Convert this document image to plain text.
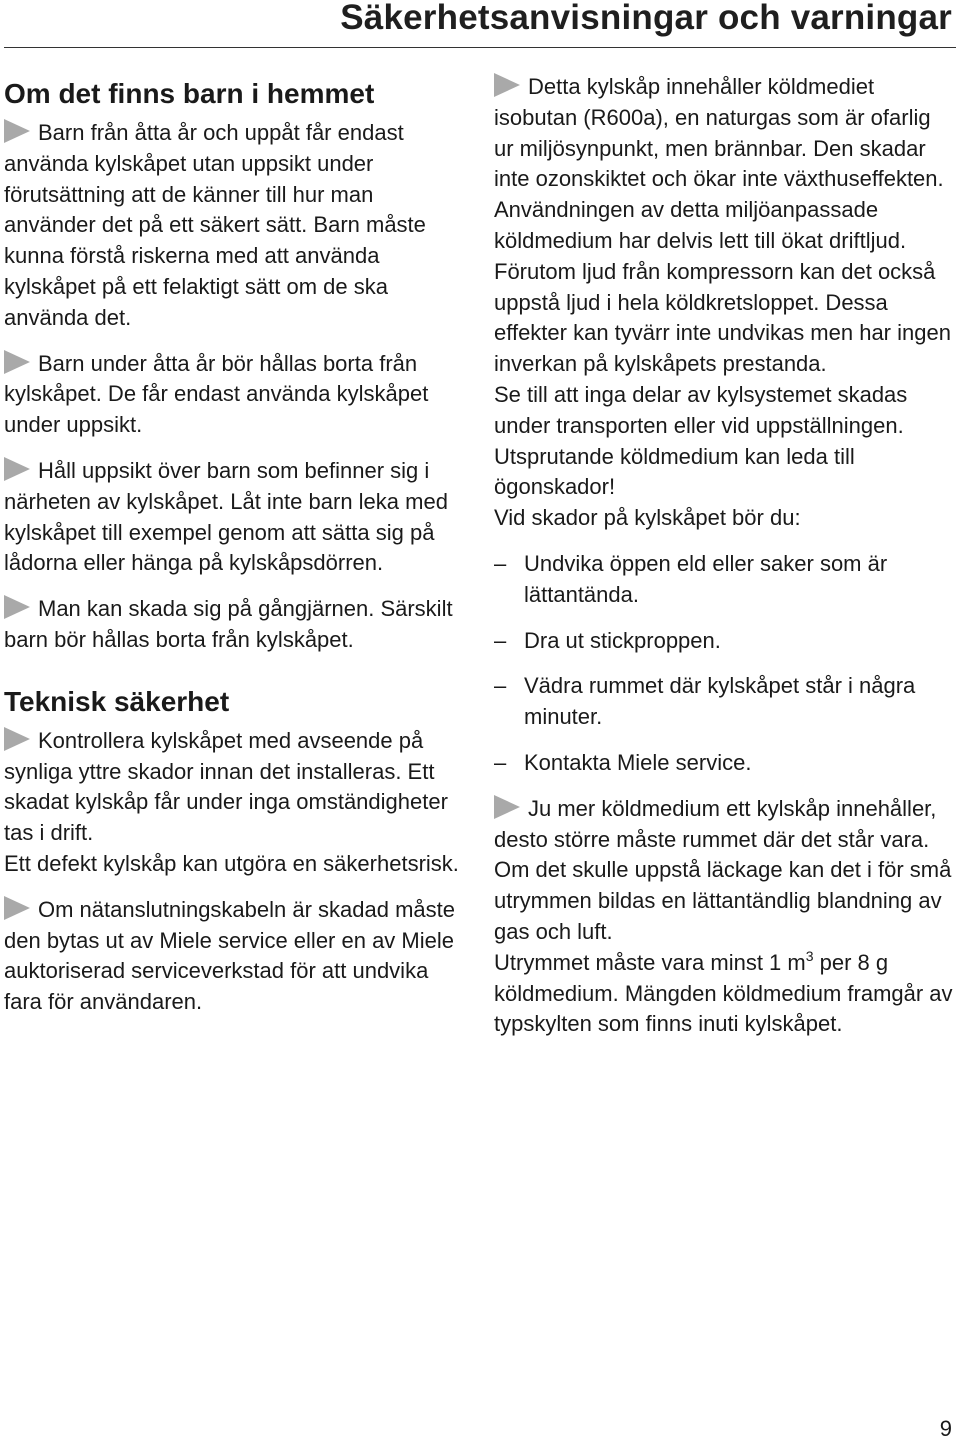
Säkerhetsanvisningar och varningar
Om det finns barn i hemmet

Barn från åtta år och uppåt får endast använda kylskåpet utan uppsikt under förutsättning att de känner till hur man använder det på ett säkert sätt. Barn måste kunna förstå riskerna med att använda kylskåpet på ett felaktigt sätt om de ska använda det.

Barn under åtta år bör hållas borta från kylskåpet. De får endast använda kylskåpet under uppsikt.

Håll uppsikt över barn som befinner sig i närheten av kylskåpet. Låt inte barn leka med kylskåpet till exempel genom att sätta sig på lådorna eller hänga på kylskåpsdörren.

Man kan skada sig på gångjärnen. Särskilt barn bör hållas borta från kylskåpet.

Teknisk säkerhet

Kontrollera kylskåpet med avseende på synliga yttre skador innan det installeras. Ett skadat kylskåp får under inga omständigheter tas i drift.

Ett defekt kylskåp kan utgöra en säkerhetsrisk.

Om nätanslutningskabeln är skadad måste den bytas ut av Miele service eller en av Miele auktoriserad serviceverkstad för att undvika fara för användaren.

Detta kylskåp innehåller köldmediet isobutan (R600a), en naturgas som är ofarlig ur miljösynpunkt, men brännbar. Den skadar inte ozonskiktet och ökar inte växthuseffekten. Användningen av detta miljöanpassade köldmedium har delvis lett till ökat driftljud. Förutom ljud från kompressorn kan det också uppstå ljud i hela köldkretsloppet. Dessa effekter kan tyvärr inte undvikas men har ingen inverkan på kylskåpets prestanda.

Se till att inga delar av kylsystemet skadas under transporten eller vid uppställningen. Utsprutande köldmedium kan leda till ögonskador!

Vid skador på kylskåpet bör du:

– Undvika öppen eld eller saker som är lättantända.
– Dra ut stickproppen.
– Vädra rummet där kylskåpet står i några minuter.
– Kontakta Miele service.

Ju mer köldmedium ett kylskåp innehåller, desto större måste rummet där det står vara. Om det skulle uppstå läckage kan det i för små utrymmen bildas en lättantändlig blandning av gas och luft.

Utrymmet måste vara minst 1 $m^3$ per 8 g köldmedium. Mängden köldmedium framgår av typskylten som finns inuti kylskåpet.

9
